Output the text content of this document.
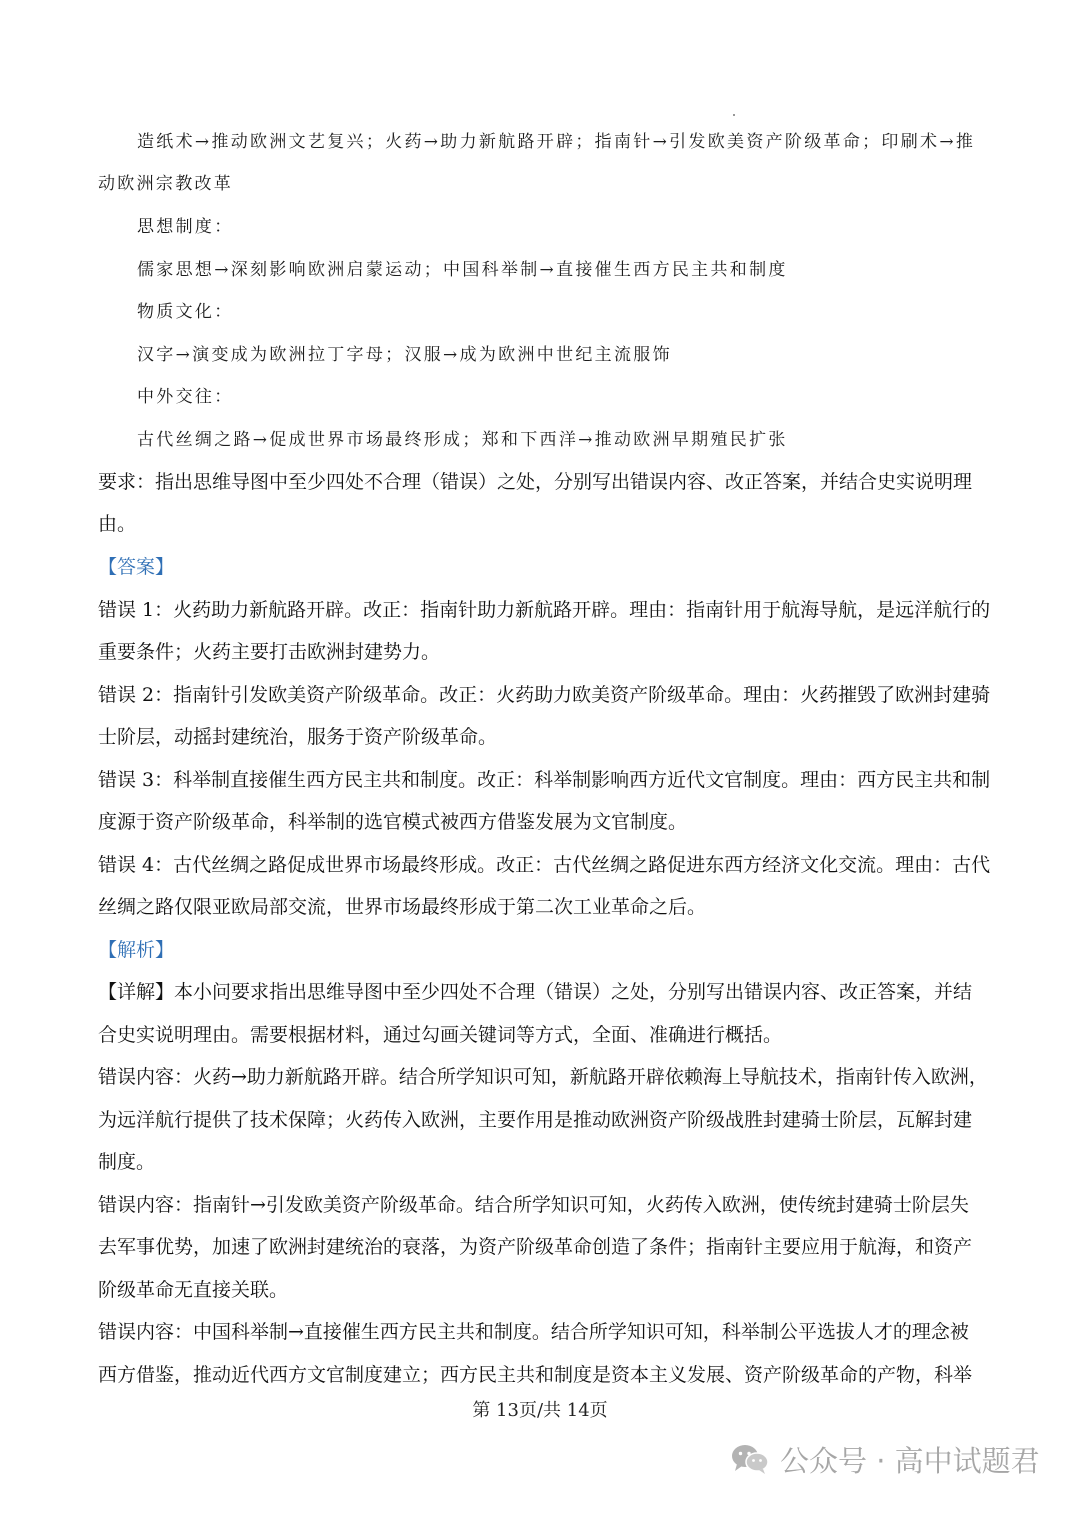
造纸术→推动欧洲文艺复兴；火药→助力新航路开辟；指南针→引发欧美资产阶级革命；印刷术→推
动欧洲宗教改革
思想制度：
儒家思想→深刻影响欧洲启蒙运动；中国科举制→直接催生西方民主共和制度
物质文化：
汉字→演变成为欧洲拉丁字母；汉服→成为欧洲中世纪主流服饰
中外交往：
古代丝绸之路→促成世界市场最终形成；郑和下西洋→推动欧洲早期殖民扩张
要求：指出思维导图中至少四处不合理（错误）之处，分别写出错误内容、改正答案，并结合史实说明理
由。
【答案】
错误 1：火药助力新航路开辟。改正：指南针助力新航路开辟。理由：指南针用于航海导航，是远洋航行的
重要条件；火药主要打击欧洲封建势力。
错误 2：指南针引发欧美资产阶级革命。改正：火药助力欧美资产阶级革命。理由：火药摧毁了欧洲封建骑
士阶层，动摇封建统治，服务于资产阶级革命。
错误 3：科举制直接催生西方民主共和制度。改正：科举制影响西方近代文官制度。理由：西方民主共和制
度源于资产阶级革命，科举制的选官模式被西方借鉴发展为文官制度。
错误 4：古代丝绸之路促成世界市场最终形成。改正：古代丝绸之路促进东西方经济文化交流。理由：古代
丝绸之路仅限亚欧局部交流，世界市场最终形成于第二次工业革命之后。
【解析】
【详解】本小问要求指出思维导图中至少四处不合理（错误）之处，分别写出错误内容、改正答案，并结
合史实说明理由。需要根据材料，通过勾画关键词等方式，全面、准确进行概括。
错误内容：火药→助力新航路开辟。结合所学知识可知，新航路开辟依赖海上导航技术，指南针传入欧洲，
为远洋航行提供了技术保障；火药传入欧洲，主要作用是推动欧洲资产阶级战胜封建骑士阶层，瓦解封建
制度。
错误内容：指南针→引发欧美资产阶级革命。结合所学知识可知，火药传入欧洲，使传统封建骑士阶层失
去军事优势，加速了欧洲封建统治的衰落，为资产阶级革命创造了条件；指南针主要应用于航海，和资产
阶级革命无直接关联。
错误内容：中国科举制→直接催生西方民主共和制度。结合所学知识可知，科举制公平选拔人才的理念被
西方借鉴，推动近代西方文官制度建立；西方民主共和制度是资本主义发展、资产阶级革命的产物，科举
第 13页/共 14页
公众号 · 高中试题君
